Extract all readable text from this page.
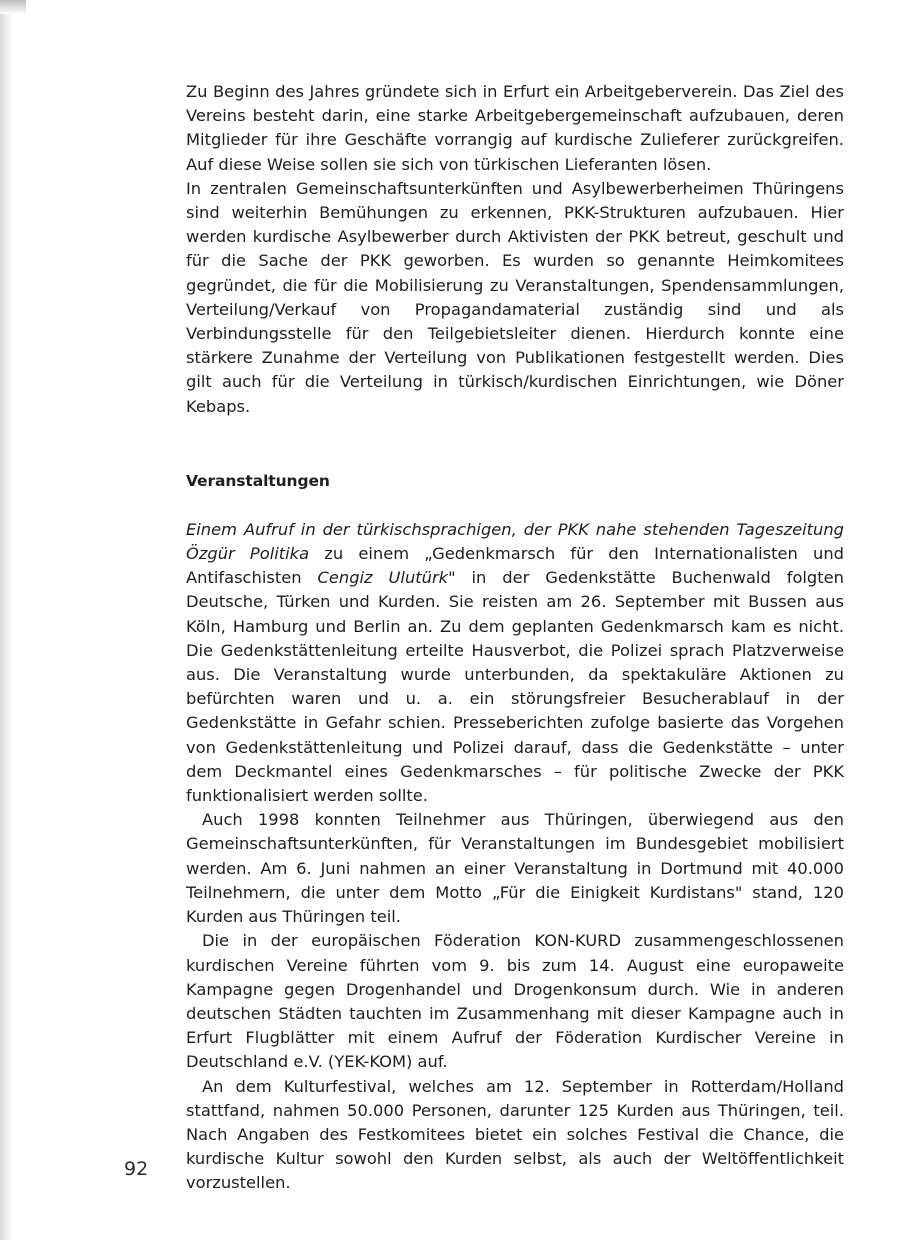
Zu Beginn des Jahres gründete sich in Erfurt ein Arbeitgeberverein. Das Ziel des Vereins besteht darin, eine starke Arbeitgebergemeinschaft aufzubauen, deren Mitglieder für ihre Geschäfte vorrangig auf kurdische Zulieferer zurückgreifen. Auf diese Weise sollen sie sich von türkischen Lieferanten lösen.

In zentralen Gemeinschaftsunterkünften und Asylbewerberheimen Thüringens sind weiterhin Bemühungen zu erkennen, PKK-Strukturen aufzubauen. Hier werden kurdische Asylbewerber durch Aktivisten der PKK betreut, geschult und für die Sache der PKK geworben. Es wurden so genannte Heimkomitees gegründet, die für die Mobilisierung zu Veranstaltungen, Spendensammlungen, Verteilung/Verkauf von Propagandamaterial zuständig sind und als Verbindungsstelle für den Teilgebietsleiter dienen. Hierdurch konnte eine stärkere Zunahme der Verteilung von Publikationen festgestellt werden. Dies gilt auch für die Verteilung in türkisch/kurdischen Einrichtungen, wie Döner Kebaps.

Veranstaltungen

Einem Aufruf in der türkischsprachigen, der PKK nahe stehenden Tageszeitung Özgür Politika zu einem „Gedenkmarsch für den Internationalisten und Antifaschisten Cengiz Ulutürk" in der Gedenkstätte Buchenwald folgten Deutsche, Türken und Kurden. Sie reisten am 26. September mit Bussen aus Köln, Hamburg und Berlin an. Zu dem geplanten Gedenkmarsch kam es nicht. Die Gedenkstättenleitung erteilte Hausverbot, die Polizei sprach Platzverweise aus. Die Veranstaltung wurde unterbunden, da spektakuläre Aktionen zu befürchten waren und u. a. ein störungsfreier Besucherablauf in der Gedenkstätte in Gefahr schien. Presseberichten zufolge basierte das Vorgehen von Gedenkstättenleitung und Polizei darauf, dass die Gedenkstätte – unter dem Deckmantel eines Gedenkmarsches – für politische Zwecke der PKK funktionalisiert werden sollte.

Auch 1998 konnten Teilnehmer aus Thüringen, überwiegend aus den Gemeinschaftsunterkünften, für Veranstaltungen im Bundesgebiet mobilisiert werden. Am 6. Juni nahmen an einer Veranstaltung in Dortmund mit 40.000 Teilnehmern, die unter dem Motto „Für die Einigkeit Kurdistans" stand, 120 Kurden aus Thüringen teil.

Die in der europäischen Föderation KON-KURD zusammengeschlossenen kurdischen Vereine führten vom 9. bis zum 14. August eine europaweite Kampagne gegen Drogenhandel und Drogenkonsum durch. Wie in anderen deutschen Städten tauchten im Zusammenhang mit dieser Kampagne auch in Erfurt Flugblätter mit einem Aufruf der Föderation Kurdischer Vereine in Deutschland e.V. (YEK-KOM) auf.

An dem Kulturfestival, welches am 12. September in Rotterdam/Holland stattfand, nahmen 50.000 Personen, darunter 125 Kurden aus Thüringen, teil. Nach Angaben des Festkomitees bietet ein solches Festival die Chance, die kurdische Kultur sowohl den Kurden selbst, als auch der Weltöffentlichkeit vorzustellen.

92
